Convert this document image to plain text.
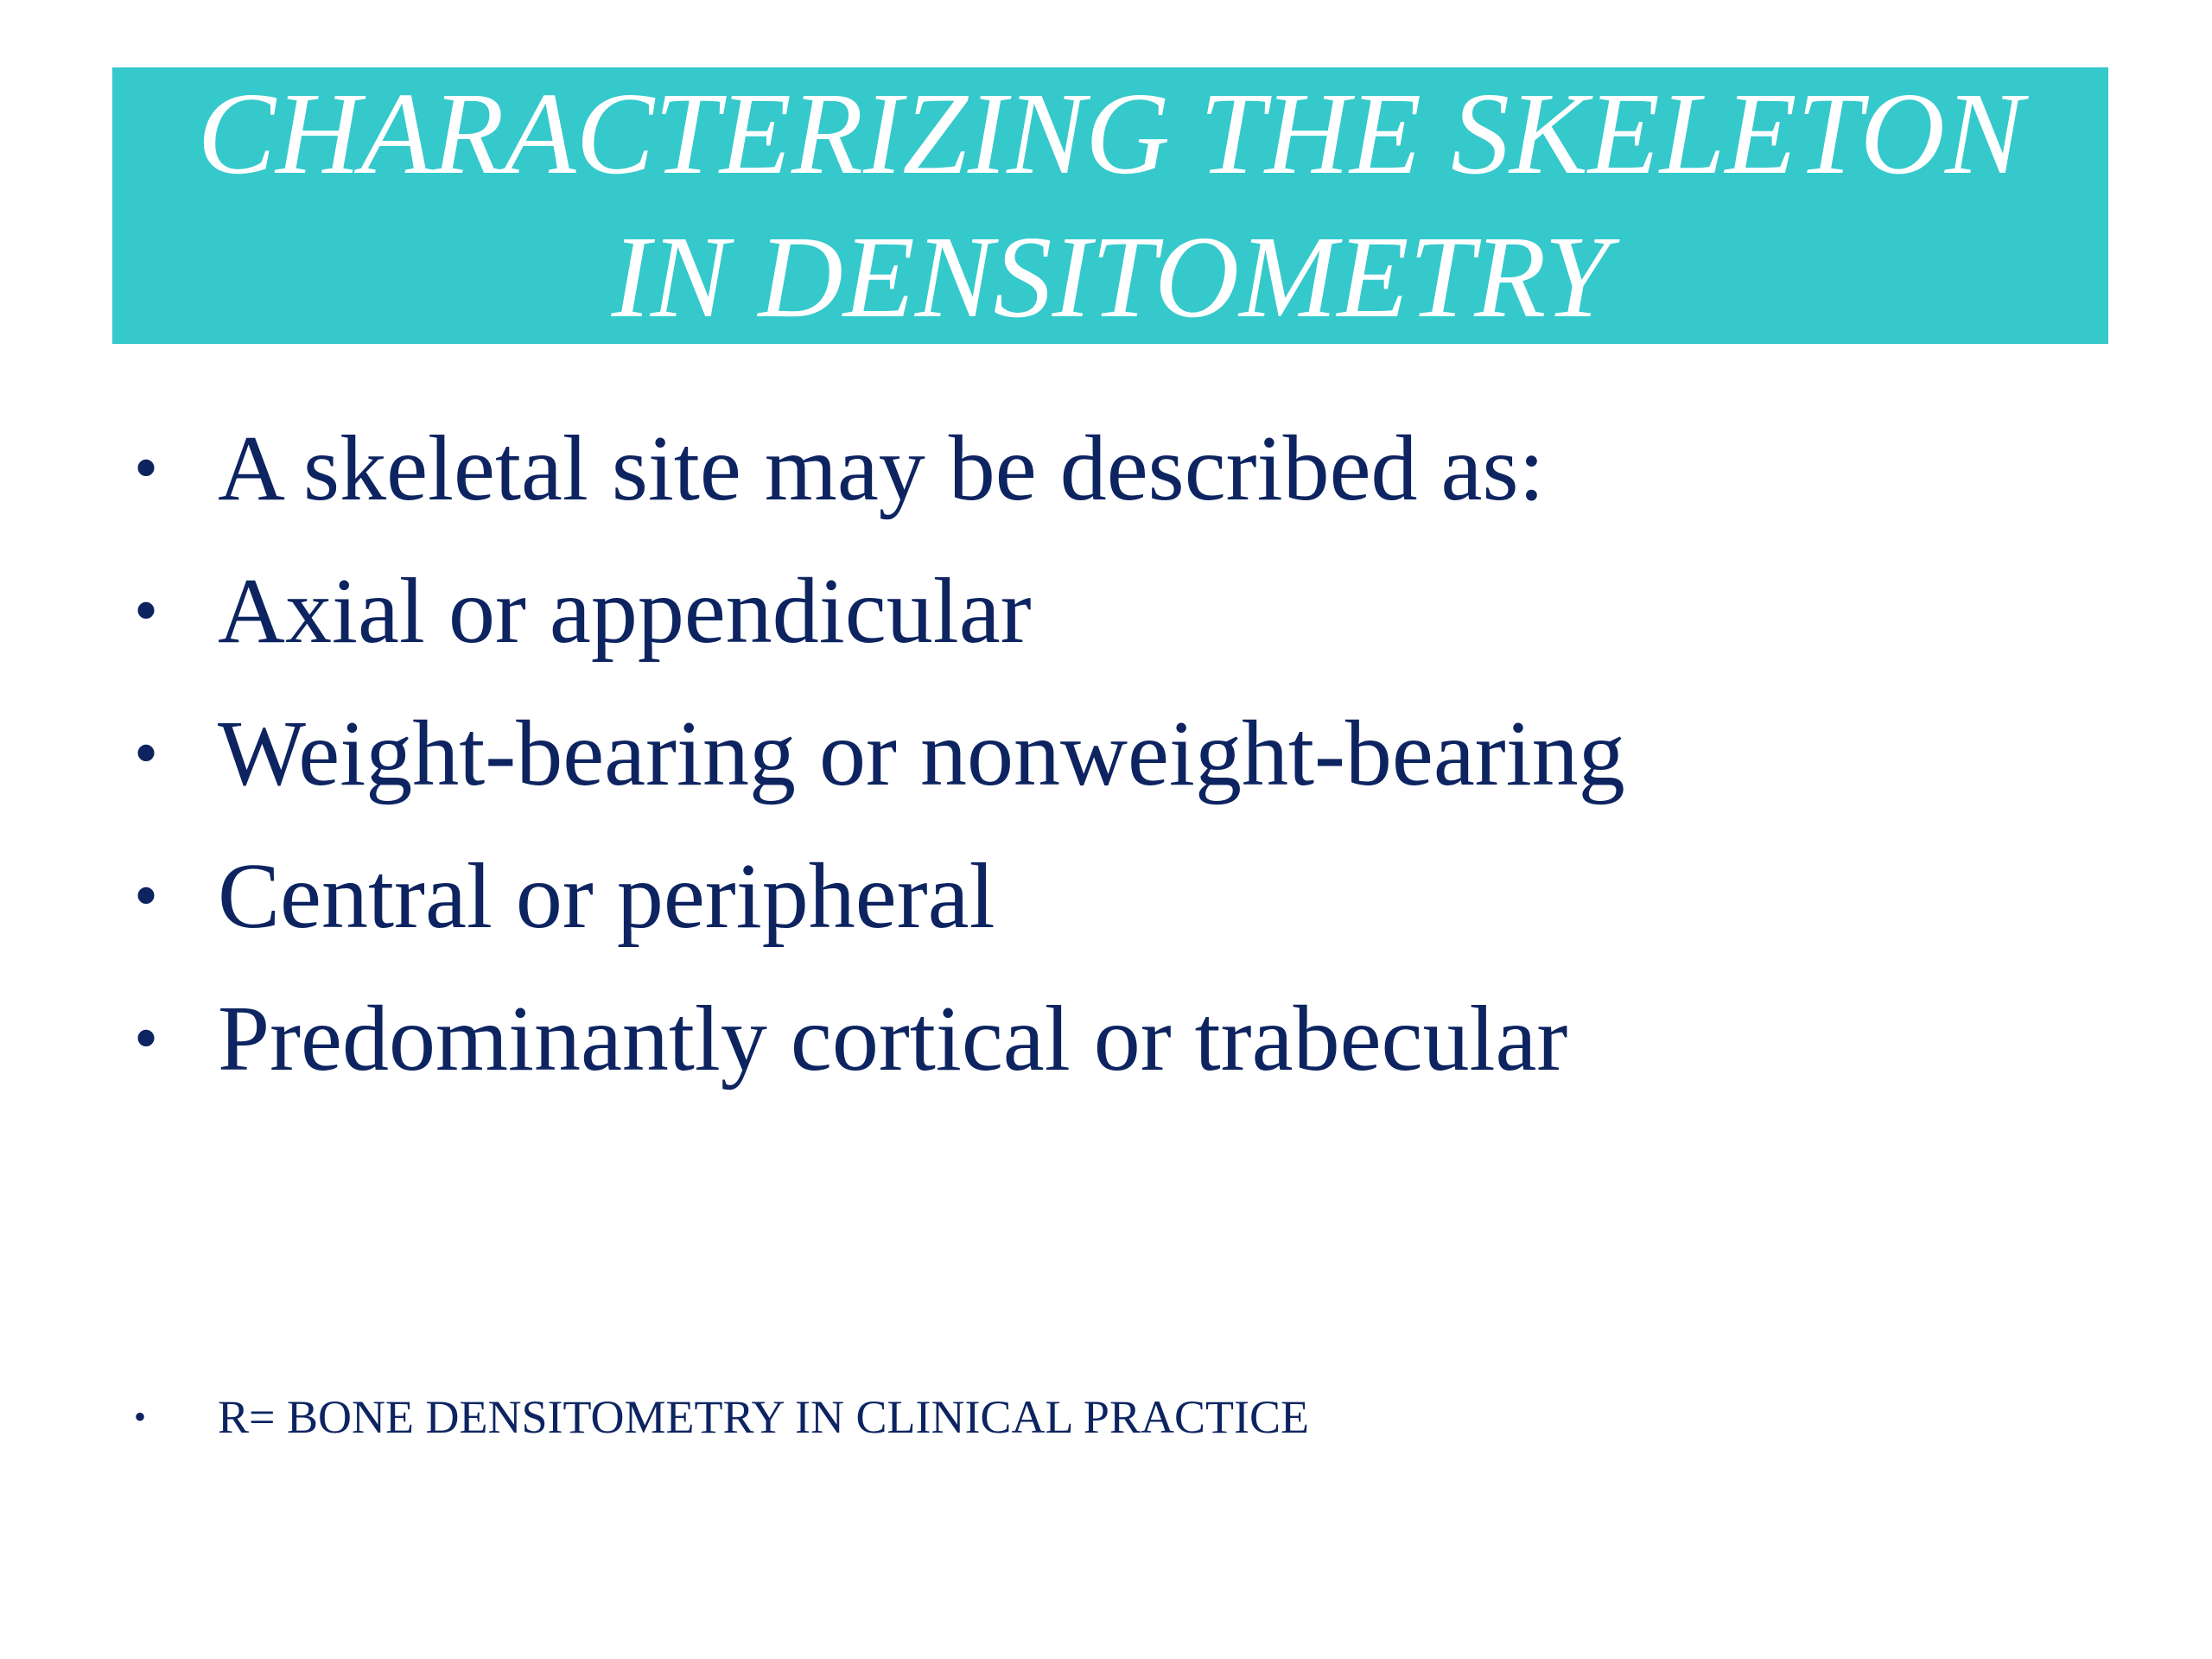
CHARACTERIZING THE SKELETON
IN DENSITOMETRY
• A skeletal site may be described as:
• Axial or appendicular
• Weight-bearing or nonweight-bearing
• Central or peripheral
• Predominantly cortical or trabecular
•	R= BONE DENSITOMETRY IN CLINICAL PRACTICE
